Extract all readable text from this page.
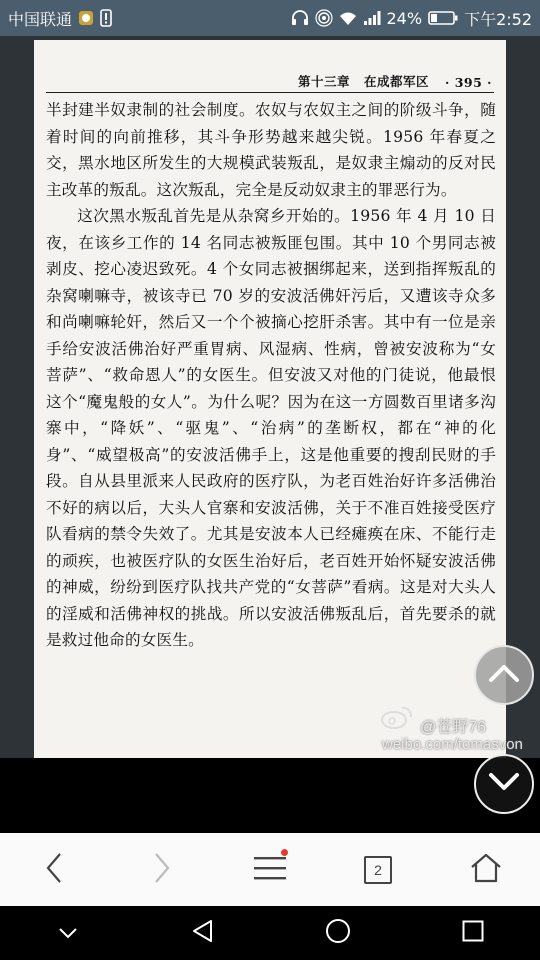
中国联通	24%	下午2:52
第十三章 在成都军区 · 395 ·

半封建半奴隶制的社会制度。农奴与农奴主之间的阶级斗争，随着时间的向前推移，其斗争形势越来越尖锐。1956 年春夏之交，黑水地区所发生的大规模武装叛乱，是奴隶主煽动的反对民主改革的叛乱。这次叛乱，完全是反动奴隶主的罪恶行为。

这次黑水叛乱首先是从杂窝乡开始的。1956 年 4 月 10 日夜，在该乡工作的 14 名同志被叛匪包围。其中 10 个男同志被剥皮、挖心凌迟致死。4 个女同志被捆绑起来，送到指挥叛乱的杂窝喇嘛寺，被该寺已 70 岁的安波活佛奸污后，又遭该寺众多和尚喇嘛轮奸，然后又一个个被摘心挖肝杀害。其中有一位是亲手给安波活佛治好严重胃病、风湿病、性病，曾被安波称为“女菩萨”、“救命恩人”的女医生。但安波又对他的门徒说，他最恨这个“魔鬼般的女人”。为什么呢？因为在这一方圆数百里诸多沟寨中，“降妖”、“驱鬼”、“治病”的垄断权，都在“神的化身”、“威望极高”的安波活佛手上，这是他重要的搜刮民财的手段。自从县里派来人民政府的医疗队，为老百姓治好许多活佛治不好的病以后，大头人官寨和安波活佛，关于不准百姓接受医疗队看病的禁令失效了。尤其是安波本人已经瘫痪在床、不能行走的顽疾，也被医疗队的女医生治好后，老百姓开始怀疑安波活佛的神威，纷纷到医疗队找共产党的“女菩萨”看病。这是对大头人的淫威和活佛神权的挑战。所以安波活佛叛乱后，首先要杀的就是救过他命的女医生。

@苍野76
weibo.com/tomasvon
2
